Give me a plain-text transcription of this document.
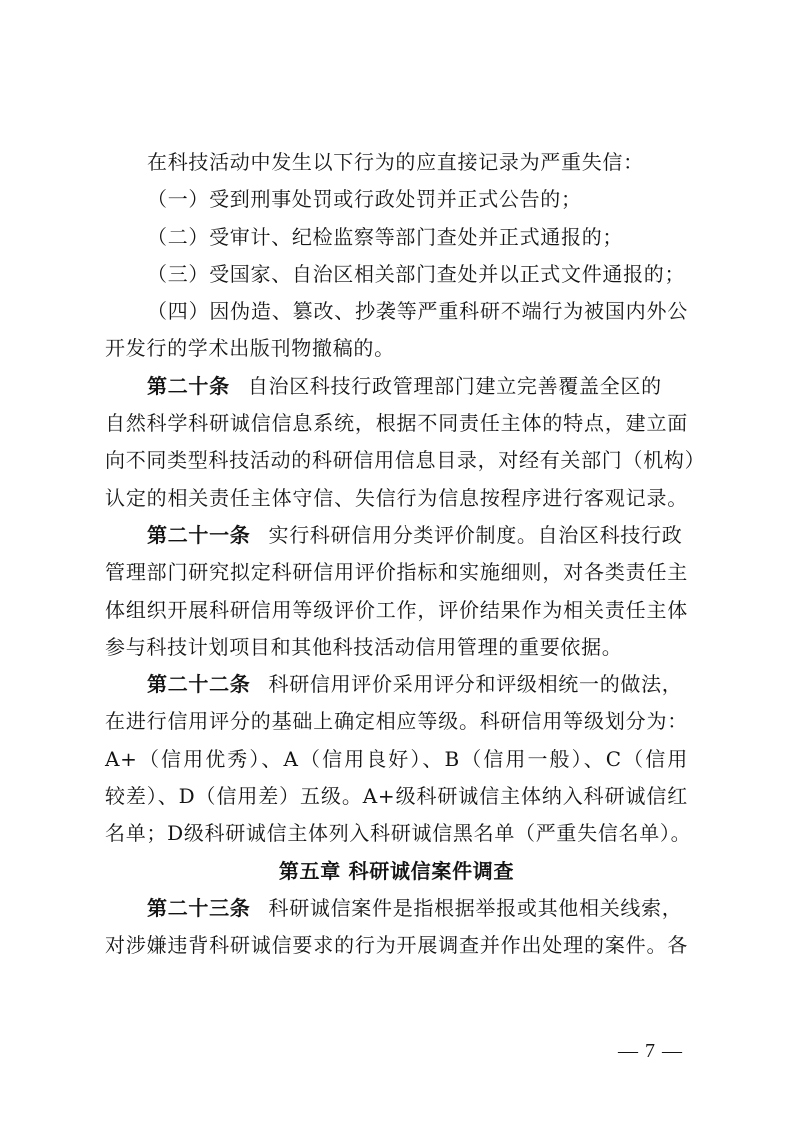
在科技活动中发生以下行为的应直接记录为严重失信：
（一）受到刑事处罚或行政处罚并正式公告的；
（二）受审计、纪检监察等部门查处并正式通报的；
（三）受国家、自治区相关部门查处并以正式文件通报的；
（四）因伪造、篡改、抄袭等严重科研不端行为被国内外公
开发行的学术出版刊物撤稿的。
第二十条 自治区科技行政管理部门建立完善覆盖全区的
自然科学科研诚信信息系统，根据不同责任主体的特点，建立面
向不同类型科技活动的科研信用信息目录，对经有关部门（机构）
认定的相关责任主体守信、失信行为信息按程序进行客观记录。
第二十一条 实行科研信用分类评价制度。自治区科技行政
管理部门研究拟定科研信用评价指标和实施细则，对各类责任主
体组织开展科研信用等级评价工作，评价结果作为相关责任主体
参与科技计划项目和其他科技活动信用管理的重要依据。
第二十二条 科研信用评价采用评分和评级相统一的做法，
在进行信用评分的基础上确定相应等级。科研信用等级划分为：
A+（信用优秀）、A（信用良好）、B（信用一般）、C（信用
较差）、D（信用差）五级。A+级科研诚信主体纳入科研诚信红
名单；D级科研诚信主体列入科研诚信黑名单（严重失信名单）。
第五章 科研诚信案件调查
第二十三条 科研诚信案件是指根据举报或其他相关线索，
对涉嫌违背科研诚信要求的行为开展调查并作出处理的案件。各
— 7 —
